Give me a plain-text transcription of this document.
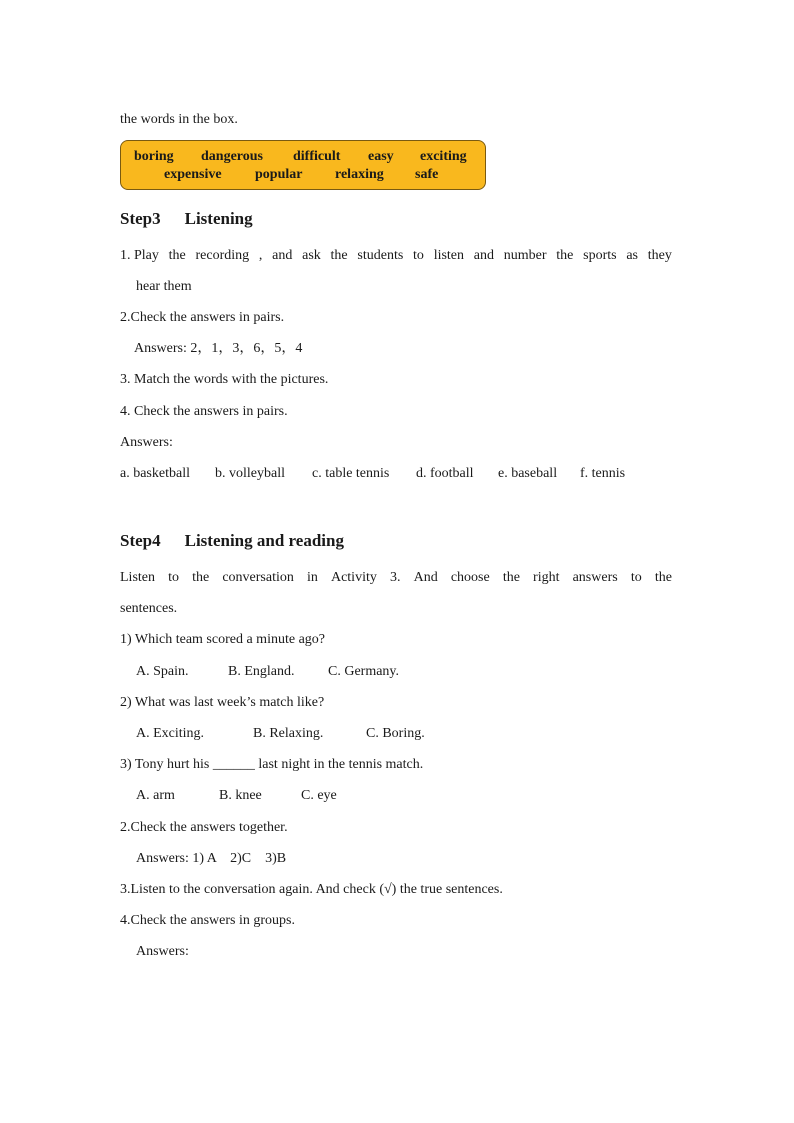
the words in the box.
boring dangerous difficult easy exciting
expensive popular relaxing safe
Step3 Listening
1. Play the recording , and ask the students to listen and number the sports as they
hear them
2.Check the answers in pairs.
Answers: 2，1，3，6，5，4
3. Match the words with the pictures.
4. Check the answers in pairs.
Answers:
a. basketball b. volleyball c. table tennis d. football e. baseball f. tennis
Step4 Listening and reading
Listen to the conversation in Activity 3. And choose the right answers to the
sentences.
1) Which team scored a minute ago?
A. Spain.	B. England. C. Germany.
2) What was last week’s match like?
A. Exciting.	B. Relaxing.	C. Boring.
3) Tony hurt his ______ last night in the tennis match.
A. arm	B. knee	C. eye
2.Check the answers together.
Answers: 1) A    2)C    3)B
3.Listen to the conversation again. And check (√) the true sentences.
4.Check the answers in groups.
Answers:
